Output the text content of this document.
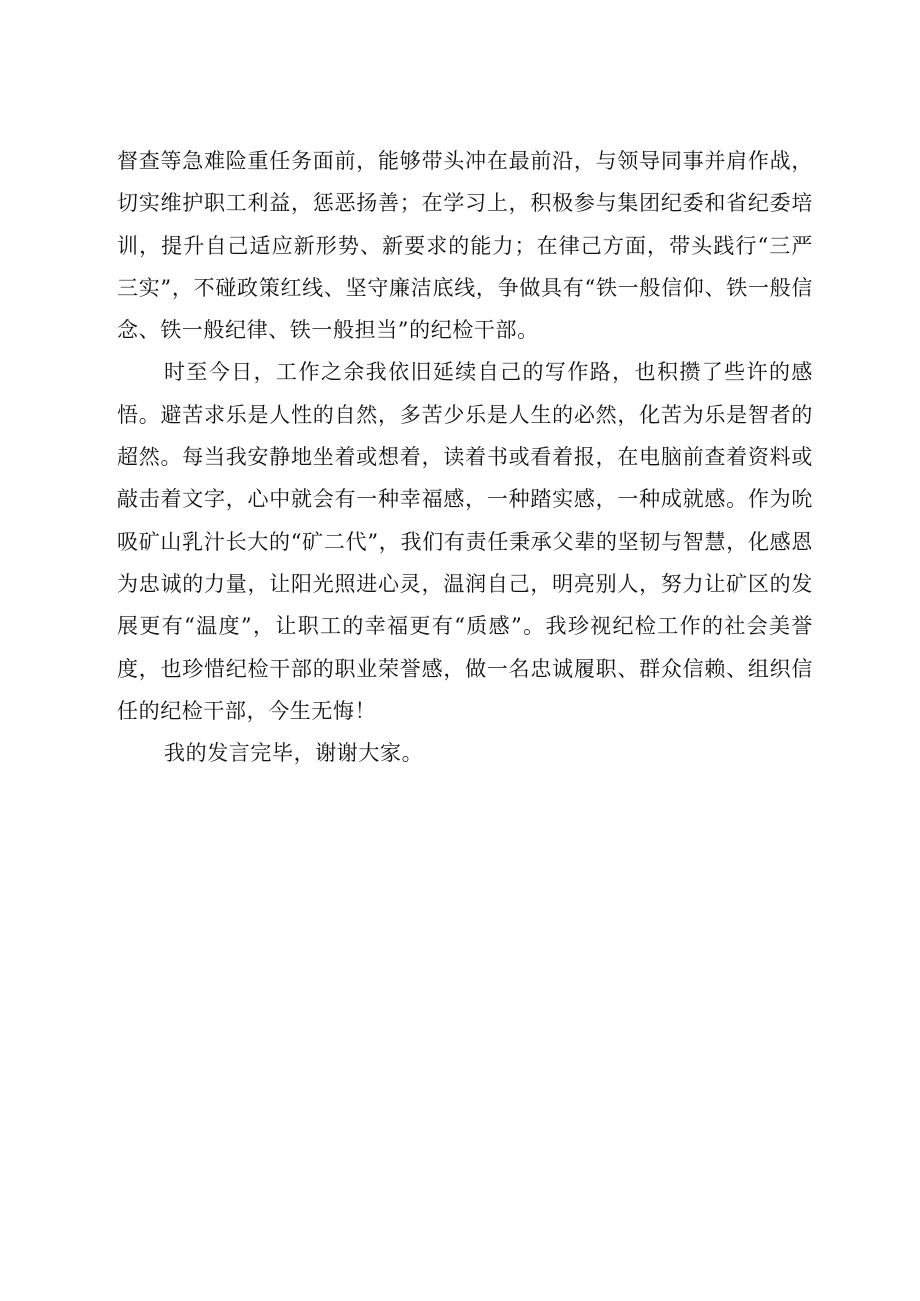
督查等急难险重任务面前，能够带头冲在最前沿，与领导同事并肩作战，切实维护职工利益，惩恶扬善；在学习上，积极参与集团纪委和省纪委培训，提升自己适应新形势、新要求的能力；在律己方面，带头践行“三严三实”，不碰政策红线、坚守廉洁底线，争做具有“铁一般信仰、铁一般信念、铁一般纪律、铁一般担当”的纪检干部。

时至今日，工作之余我依旧延续自己的写作路，也积攒了些许的感悟。避苦求乐是人性的自然，多苦少乐是人生的必然，化苦为乐是智者的超然。每当我安静地坐着或想着，读着书或看着报，在电脑前查着资料或敲击着文字，心中就会有一种幸福感，一种踏实感，一种成就感。作为吮吸矿山乳汁长大的“矿二代”，我们有责任秉承父辈的坚韧与智慧，化感恩为忠诚的力量，让阳光照进心灵，温润自己，明亮别人，努力让矿区的发展更有“温度”，让职工的幸福更有“质感”。我珍视纪检工作的社会美誉度，也珍惜纪检干部的职业荣誉感，做一名忠诚履职、群众信赖、组织信任的纪检干部，今生无悔！

我的发言完毕，谢谢大家。
